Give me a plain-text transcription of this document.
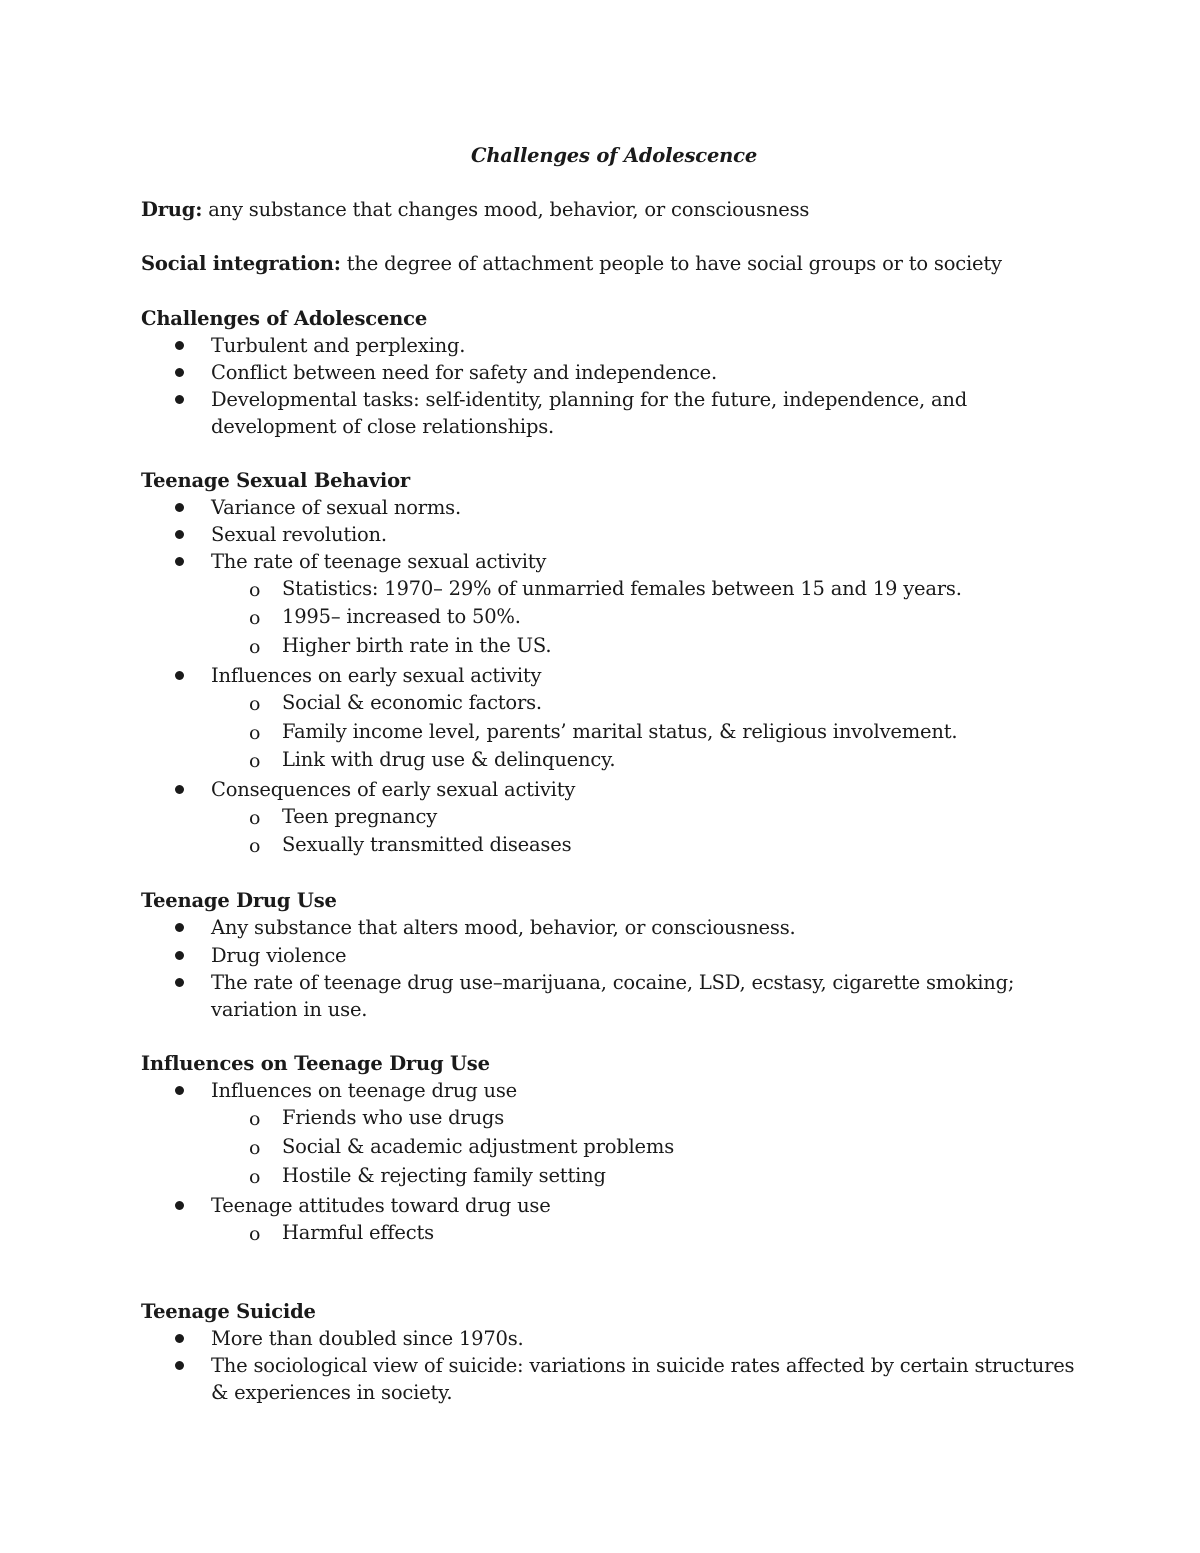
Challenges of Adolescence
Drug: any substance that changes mood, behavior, or consciousness
Social integration: the degree of attachment people to have social groups or to society
Challenges of Adolescence
Turbulent and perplexing.
Conflict between need for safety and independence.
Developmental tasks: self-identity, planning for the future, independence, and
development of close relationships.
Teenage Sexual Behavior
Variance of sexual norms.
Sexual revolution.
The rate of teenage sexual activity
o Statistics: 1970– 29% of unmarried females between 15 and 19 years.
o 1995– increased to 50%.
o Higher birth rate in the US.
Influences on early sexual activity
o Social & economic factors.
o Family income level, parents’ marital status, & religious involvement.
o Link with drug use & delinquency.
Consequences of early sexual activity
o Teen pregnancy
o Sexually transmitted diseases
Teenage Drug Use
Any substance that alters mood, behavior, or consciousness.
Drug violence
The rate of teenage drug use–marijuana, cocaine, LSD, ecstasy, cigarette smoking;
variation in use.
Influences on Teenage Drug Use
Influences on teenage drug use
o Friends who use drugs
o Social & academic adjustment problems
o Hostile & rejecting family setting
Teenage attitudes toward drug use
o Harmful effects
Teenage Suicide
More than doubled since 1970s.
The sociological view of suicide: variations in suicide rates affected by certain structures
& experiences in society.
